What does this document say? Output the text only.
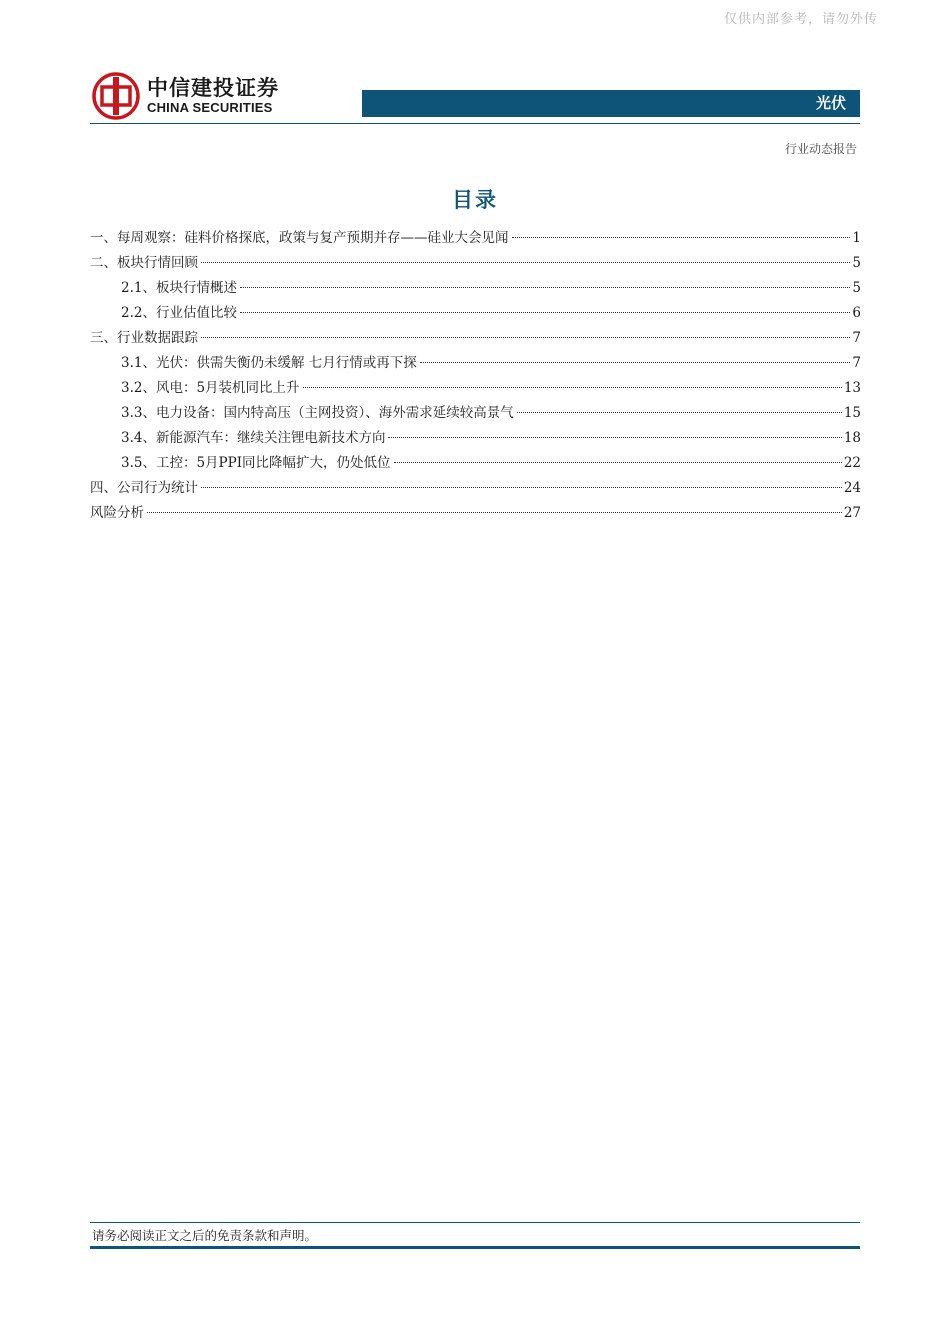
仅供内部参考，请勿外传
中信建投证券
CHINA SECURITIES	光伏
行业动态报告
目录
一、每周观察：硅料价格探底，政策与复产预期并存——硅业大会见闻	1
二、板块行情回顾	5
2.1、板块行情概述	5
2.2、行业估值比较	6
三、行业数据跟踪	7
3.1、光伏：供需失衡仍未缓解 七月行情或再下探	7
3.2、风电：5月装机同比上升	13
3.3、电力设备：国内特高压（主网投资）、海外需求延续较高景气	15
3.4、新能源汽车：继续关注锂电新技术方向	18
3.5、工控：5月PPI同比降幅扩大，仍处低位	22
四、公司行为统计	24
风险分析	27
请务必阅读正文之后的免责条款和声明。
